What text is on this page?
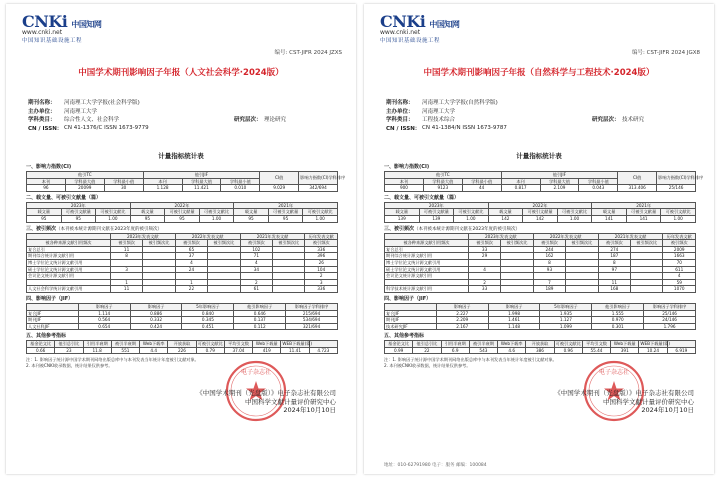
CNKi 中国知网
www.cnki.net
中国知识基础设施工程
编号: CST-JIFR 2024 JZXS
中国学术期刊影响因子年报（人文社会科学·2024版）
期刊名称：	河南理工大学学报(社会科学版)
主办单位：	河南理工大学
学科类目：	综合性人文、社会科学	研究层次： 理论研究
CN / ISSN： CN 41-1376/C ISSN 1673-9779
计量指标统计表
一、影响力指数(CI)
他引TC			他引JIF			CI值	影响力指数(CI)学科排序
本刊	学科最大值	学科最小值	本刊	学科最大值	学科最小值		
96	20099	30	1.128	11.421	0.010	9.029	342/694
二、载文量、可被引文献量（篇）
2023年			2022年			2021年		
载文量	可被引文献量	可被引文献比	载文量	可被引文献量	可被引文献比	载文量	可被引文献量	可被引文献比
95	95	1.00	95	95	1.00	95	95	1.00
三、被引频次（本刊被本统计源期刊文献在2023年度的被引频次）
	2023年发表文献		2022年发表文献		2021年发表文献		历年发表文献
被各种来源文献引用频次	被引频次	被引频次比	被引频次	被引频次比	被引频次	被引频次比	被引频次
复合总引	11		65		102		336
期刊综合统计源文献引用	8		37		71		396
博士学位论文统计源文献引用			4		4		26
硕士学位论文统计源文献引用	3		24		34		104
会议论文统计源文献引用							2
	1		1		2		3
人文社会科学统计源文献引用	11		22		61		336
四、影响因子（JIF）
	影响因子	影响因子	5年影响因子	他引影响因子	影响因子学科排序
复合JIF	1.114	0.886	0.840	0.646	215/694
期刊JIF	0.564	0.332	0.345	0.137	534/694
人文社科JIF	0.654	0.424	0.451	0.112	321/694
五、其他参考指标
基金论文比	他引总引比	引用半衰期	被引半衰期	Web下载率	开放获取	可被引文献比	平均引文数	Web下载量	WEB下载量(篇)	
0.66	23	11.8	551	4.4	226	0.79	37.04	419	11.41	4.723
注：1. 影响因子统计源中国学术期刊网络出版总库中与本刊发表当年统计年度被引文献对象。
2. 本刊被CNKI收录数据，统计结果仅供参考。
电子杂志社
《中国学术期刊（光盘版）》电子杂志社有限公司
中国科学文献计量评价研究中心
2024年10月10日
CNKi 中国知网
www.cnki.net
中国知识基础设施工程
编号: CST-JIFR 2024 JGX8
中国学术期刊影响因子年报（自然科学与工程技术·2024版）
期刊名称：	河南理工大学学报(自然科学版)
主办单位：	河南理工大学
学科类目：	工程技术综合	研究层次： 技术研究
CN / ISSN： CN 41-1384/N ISSN 1673-9787
计量指标统计表
一、影响力指数(CI)
他引TC			他引JIF			CI值	影响力指数(CI)学科排序
本刊	学科最大值	学科最小值	本刊	学科最大值	学科最小值		
900	9123	44	0.817	2.109	0.043	313.406	25/146
二、载文量、可被引文献量（篇）
2023年			2022年			2021年		
载文量	可被引文献量	可被引文献比	载文量	可被引文献量	可被引文献比	载文量	可被引文献量	可被引文献比
139	139	1.00	142	142	1.00	141	141	1.00
三、被引频次（本刊被本统计源期刊文献在2023年度的被引频次）
	2023年发表文献		2022年发表文献		2021年发表文献		历年发表文献
被各种来源文献引用频次	被引频次	被引频次比	被引频次	被引频次比	被引频次	被引频次比	被引频次
复合总引	33		244		274		2009
期刊综合统计源文献引用	29		162		187		1663
博士学位论文统计源文献引用			8		8		70
硕士学位论文统计源文献引用	4		93		97		611
会议论文统计源文献引用							4
	2		7		11		59
科学技术统计源文献引用	33		189		168		1070
四、影响因子（JIF）
	影响因子	影响因子	5年影响因子	他引影响因子	影响因子学科排序
复合JIF	2.227	1.998	1.935	1.555	25/146
期刊JIF	2.209	1.461	1.127	0.970	24/146
技术研究JIF	2.167	1.148	1.099	0.301	1.796
五、其他参考指标
基金论文比	他引总引比	引用半衰期	被引半衰期	Web下载率	开放获取	可被引文献比	平均引文数	Web下载量	WEB下载量(篇)	
0.99	22	6.9	543	4.6	386	0.96	55.44	391	10.24	6.919
注：1. 影响因子统计源中国学术期刊网络出版总库中与本刊发表当年统计年度被引文献对象。
2. 本刊被CNKI收录数据，统计结果仅供参考。
电子杂志社
《中国学术期刊（光盘版）》电子杂志社有限公司
中国科学文献计量评价研究中心
2024年10月10日
地址：010-62791980 电子：服务 邮编：100084
